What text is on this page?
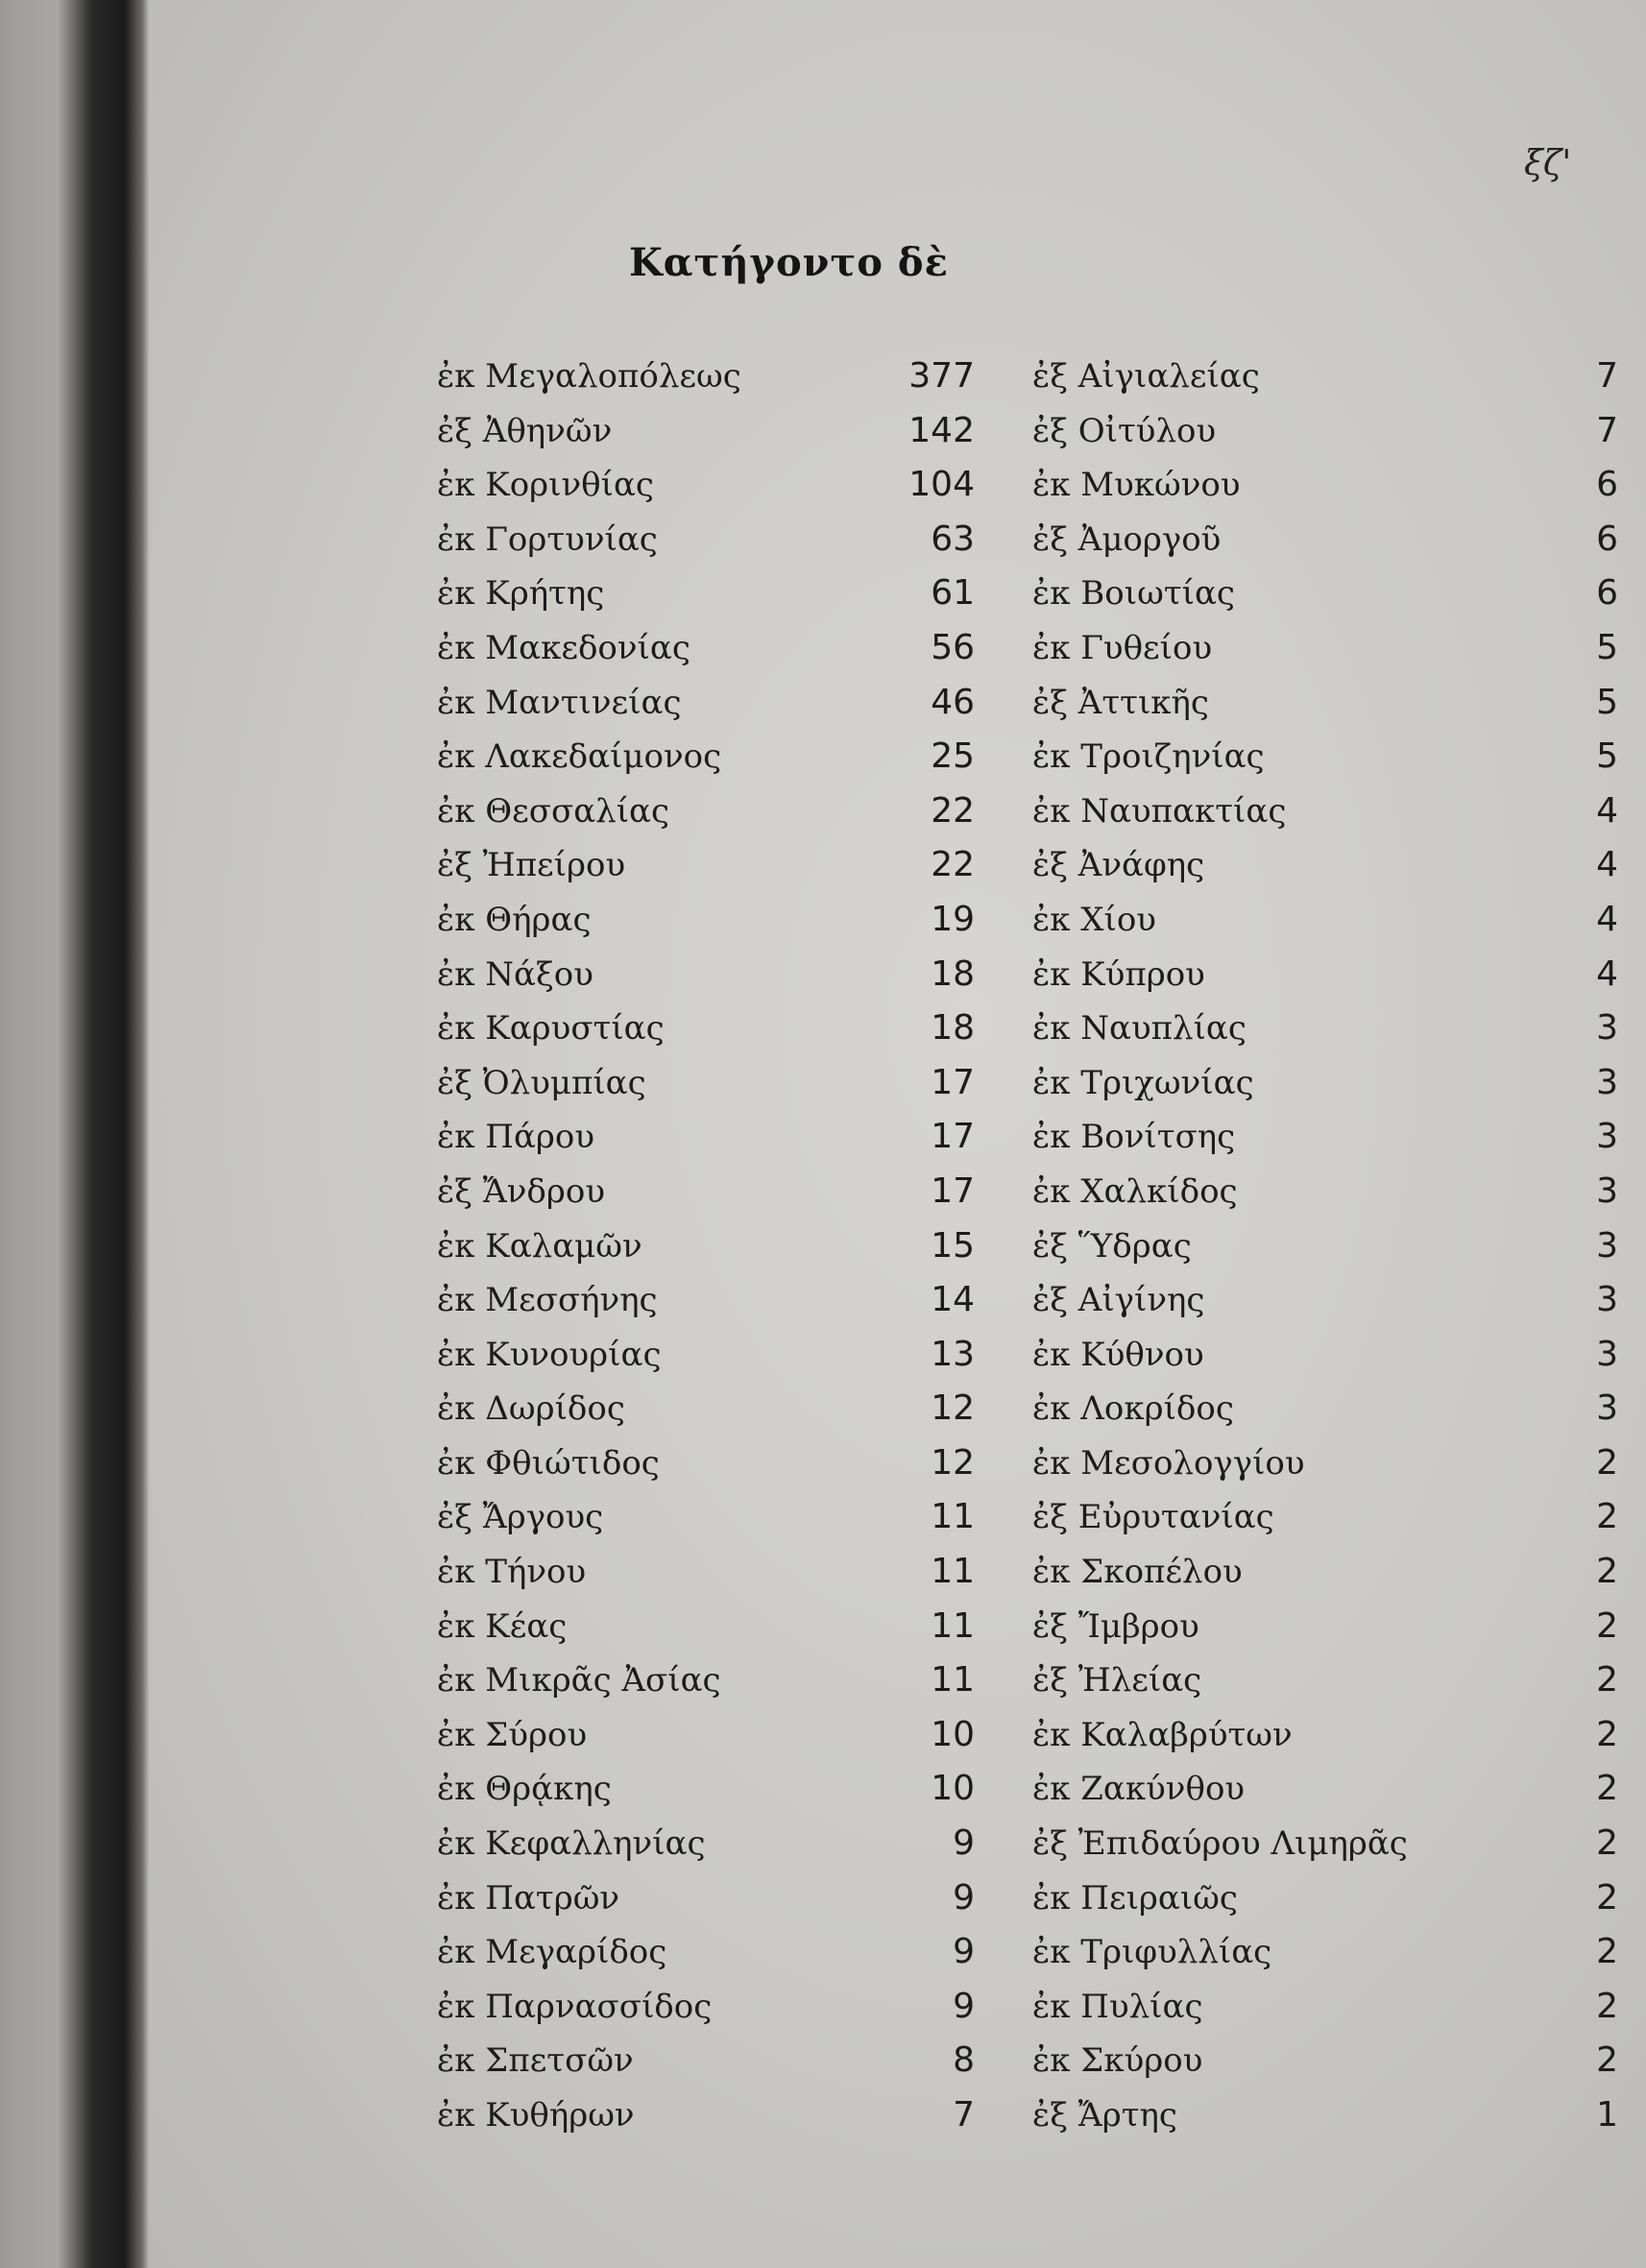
ξζ'
Κατήγοντο δὲ
ἐκ Μεγαλοπόλεως	377 ἐξ Αἰγιαλείας	7
ἐξ Ἀθηνῶν	142 ἐξ Οἰτύλου	7
ἐκ Κορινθίας	104 ἐκ Μυκώνου	6
ἐκ Γορτυνίας	63 ἐξ Ἀμοργοῦ	6
ἐκ Κρήτης	61 ἐκ Βοιωτίας	6
ἐκ Μακεδονίας	56 ἐκ Γυθείου	5
ἐκ Μαντινείας	46 ἐξ Ἀττικῆς	5
ἐκ Λακεδαίμονος	25 ἐκ Τροιζηνίας	5
ἐκ Θεσσαλίας	22 ἐκ Ναυπακτίας	4
ἐξ Ἠπείρου	22 ἐξ Ἀνάφης	4
ἐκ Θήρας	19 ἐκ Χίου	4
ἐκ Νάξου	18 ἐκ Κύπρου	4
ἐκ Καρυστίας	18 ἐκ Ναυπλίας	3
ἐξ Ὀλυμπίας	17 ἐκ Τριχωνίας	3
ἐκ Πάρου	17 ἐκ Βονίτσης	3
ἐξ Ἄνδρου	17 ἐκ Χαλκίδος	3
ἐκ Καλαμῶν	15 ἐξ Ὕδρας	3
ἐκ Μεσσήνης	14 ἐξ Αἰγίνης	3
ἐκ Κυνουρίας	13 ἐκ Κύθνου	3
ἐκ Δωρίδος	12 ἐκ Λοκρίδος	3
ἐκ Φθιώτιδος	12 ἐκ Μεσολογγίου	2
ἐξ Ἄργους	11 ἐξ Εὐρυτανίας	2
ἐκ Τήνου	11 ἐκ Σκοπέλου	2
ἐκ Κέας	11 ἐξ Ἴμβρου	2
ἐκ Μικρᾶς Ἀσίας	11 ἐξ Ἠλείας	2
ἐκ Σύρου	10 ἐκ Καλαβρύτων	2
ἐκ Θρᾴκης	10 ἐκ Ζακύνθου	2
ἐκ Κεφαλληνίας	9 ἐξ Ἐπιδαύρου Λιμηρᾶς	2
ἐκ Πατρῶν	9 ἐκ Πειραιῶς	2
ἐκ Μεγαρίδος	9 ἐκ Τριφυλλίας	2
ἐκ Παρνασσίδος	9 ἐκ Πυλίας	2
ἐκ Σπετσῶν	8 ἐκ Σκύρου	2
ἐκ Κυθήρων	7 ἐξ Ἄρτης	1
